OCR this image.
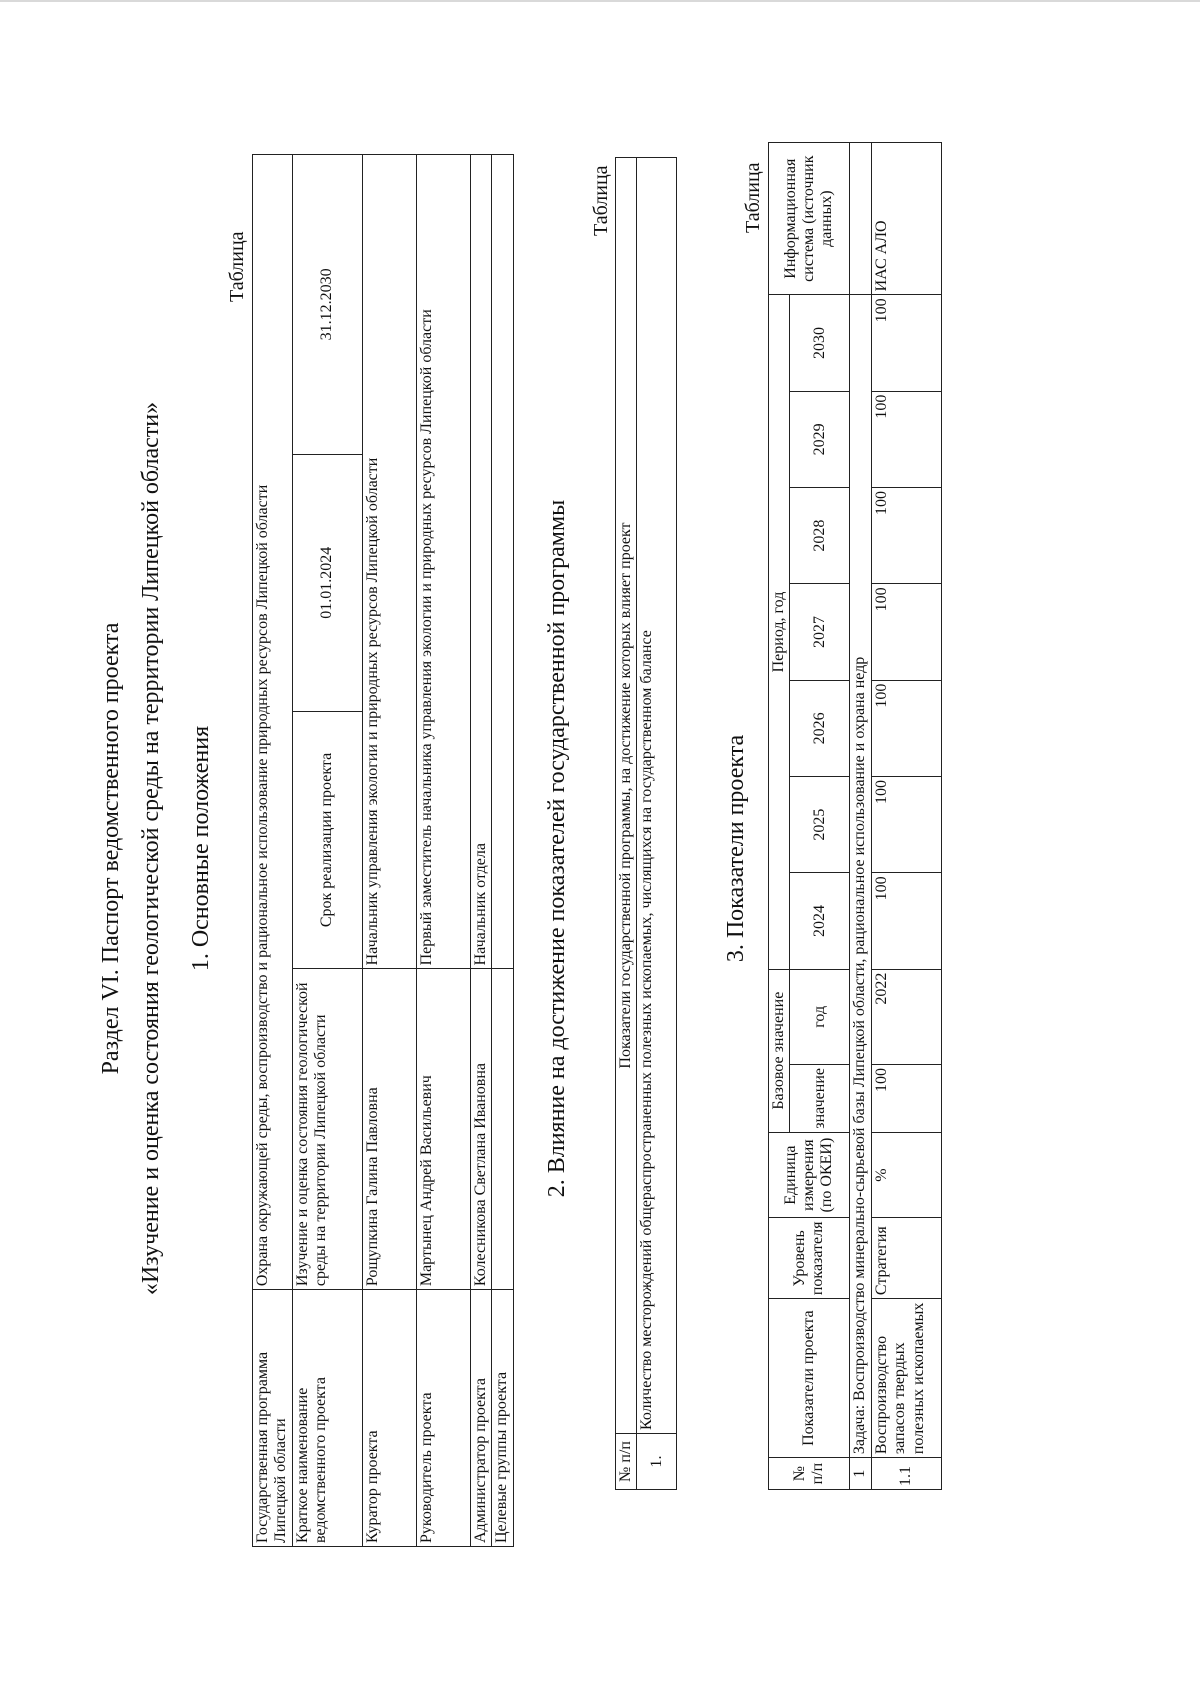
Раздел VI. Паспорт ведомственного проекта «Изучение и оценка состояния геологической среды на территории Липецкой области» 1. Основные положения
Таблица
Государственная программа Липецкой области	Охрана окружающей среды, воспроизводство и рациональное использование природных ресурсов Липецкой области			
Краткое наименование ведомственного проекта	Изучение и оценка состояния геологической среды на территории Липецкой области	Срок реализации проекта	01.01.2024	31.12.2030
Куратор проекта	Рощупкина Галина Павловна	Начальник управления экологии и природных ресурсов Липецкой области		
Руководитель проекта	Мартынец Андрей Васильевич	Первый заместитель начальника управления экологии и природных ресурсов Липецкой области		
Администратор проекта	Колесникова Светлана Ивановна	Начальник отдела		
Целевые группы проекта				
2. Влияние на достижение показателей государственной программы
Таблица
№ п/п	Показатели государственной программы, на достижение которых влияет проект
1.	Количество месторождений общераспространенных полезных ископаемых, числящихся на государственном балансе	3. Показатели проекта
Таблица
№ п/п	Показатели проекта	Уровень показателя	Единица измерения (по ОКЕИ)	Базовое значение		Период, год							Информационная система (источник данных)
				значение	год	2024	2025	2026	2027	2028	2029	2030	
1	Задача: Воспроизводство минерально-сырьевой базы Липецкой области, рациональное использование и охрана недр												
1.1	Воспроизводство запасов твердых полезных ископаемых	Стратегия	%	100	2022	100	100	100	100	100	100	100	ИАС АЛО
